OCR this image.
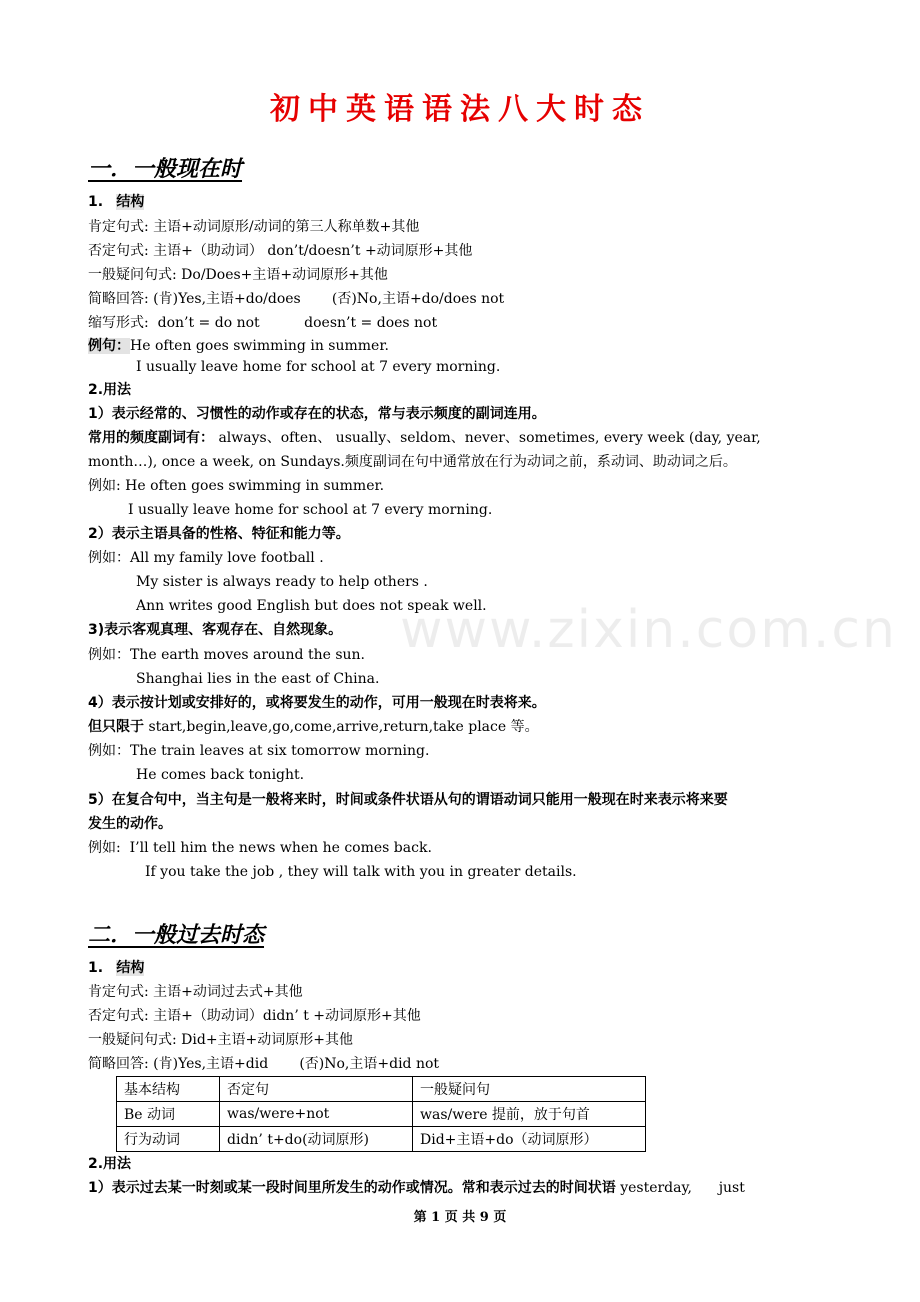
www.zixin.com.cn
初中英语语法八大时态
一．一般现在时
1. 结构
肯定句式: 主语+动词原形/动词的第三人称单数+其他
否定句式: 主语+（助动词） don’t/doesn’t +动词原形+其他
一般疑问句式: Do/Does+主语+动词原形+其他
简略回答: (肯)Yes,主语+do/does       (否)No,主语+do/does not
缩写形式:  don’t = do not          doesn’t = does not
例句：He often goes swimming in summer.
I usually leave home for school at 7 every morning.
2.用法
1）表示经常的、习惯性的动作或存在的状态，常与表示频度的副词连用。
常用的频度副词有： always、often、 usually、seldom、never、sometimes, every week (day, year,
month…), once a week, on Sundays.频度副词在句中通常放在行为动词之前，系动词、助动词之后。
例如: He often goes swimming in summer.
I usually leave home for school at 7 every morning.
2）表示主语具备的性格、特征和能力等。
例如：All my family love football .
My sister is always ready to help others .
Ann writes good English but does not speak well.
3)表示客观真理、客观存在、自然现象。
例如：The earth moves around the sun.
Shanghai lies in the east of China.
4）表示按计划或安排好的，或将要发生的动作，可用一般现在时表将来。
但只限于 start,begin,leave,go,come,arrive,return,take place 等。
例如：The train leaves at six tomorrow morning.
He comes back tonight.
5）在复合句中，当主句是一般将来时，时间或条件状语从句的谓语动词只能用一般现在时来表示将来要
发生的动作。
例如:  I’ll tell him the news when he comes back.
If you take the job , they will talk with you in greater details.
二．一般过去时态
1. 结构
肯定句式: 主语+动词过去式+其他
否定句式: 主语+（助动词）didn’ t +动词原形+其他
一般疑问句式: Did+主语+动词原形+其他
简略回答: (肯)Yes,主语+did       (否)No,主语+did not
基本结构	否定句	一般疑问句
Be 动词	was/were+not	was/were 提前，放于句首
行为动词	didn’ t+do(动词原形)	Did+主语+do（动词原形）
2.用法
1）表示过去某一时刻或某一段时间里所发生的动作或情况。常和表示过去的时间状语 yesterday,      just
第 1 页 共 9 页
